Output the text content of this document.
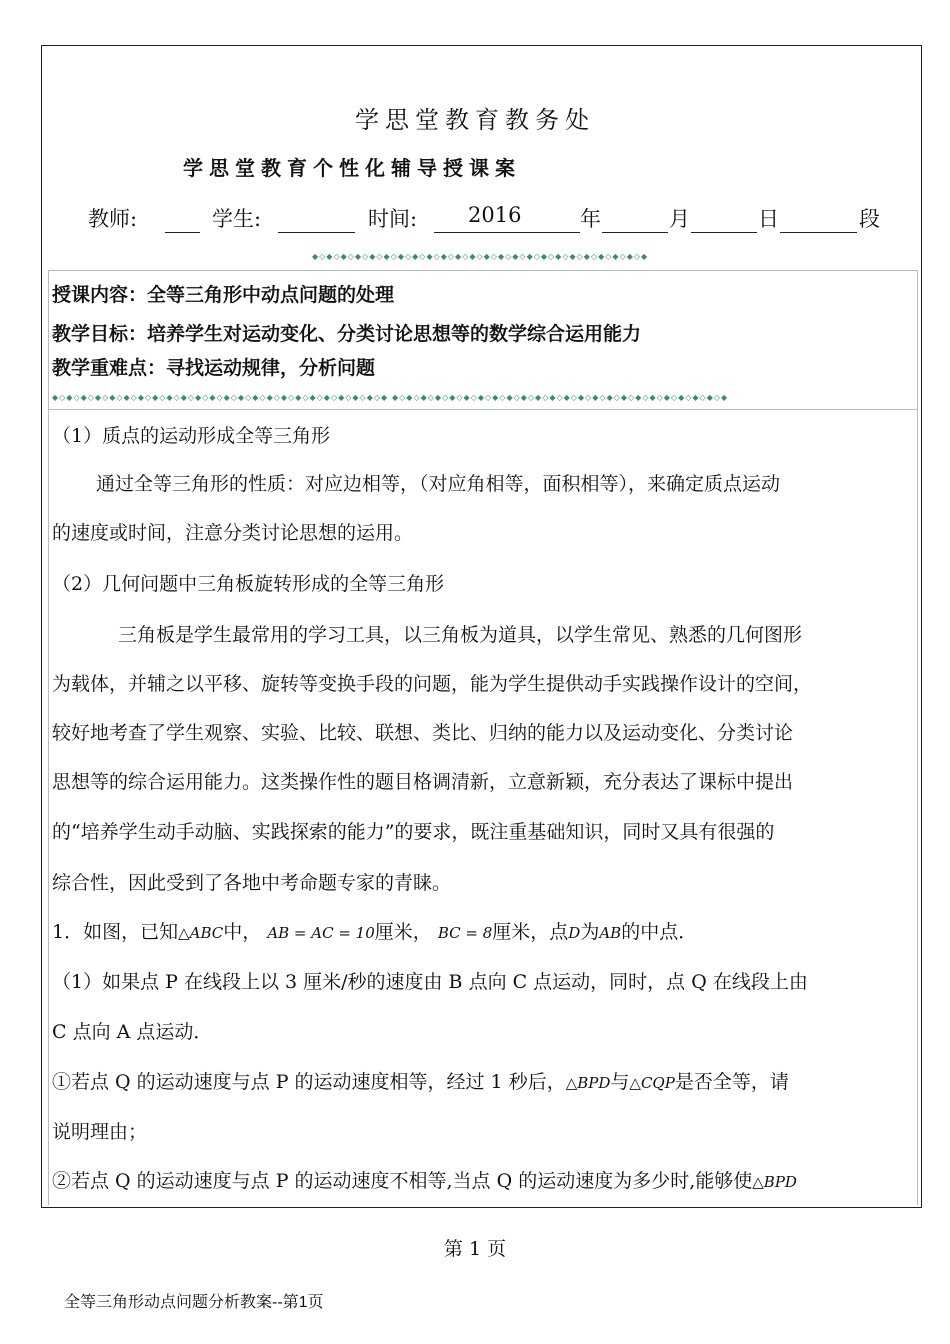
学思堂教育教务处
学思堂教育个性化辅导授课案
教师:	学生:	时间: 2016	年	月	日	段
◆◇◆◇◆◇◆◇◆◇◆◇◆◇◆◇◆◇◆◇◆◇◆◇◆◇◆◇◆◇◆◇◆◇◆◇◆◇◆◇◆◇◆◇◆◇◆
授课内容：全等三角形中动点问题的处理
教学目标：培养学生对运动变化、分类讨论思想等的数学综合运用能力
教学重难点：寻找运动规律，分析问题
◆◇◆◇◆◇◆◇◆◇◆◇◆◇◆◇◆◇◆◇◆◇◆◇◆◇◆◇◆◇◆◇◆◇◆◇◆◇◆◇◆◇◆◇◆◇◆ ◆◇◆◇◆◇◆◇◆◇◆◇◆◇◆◇◆◇◆◇◆◇◆◇◆◇◆◇◆◇◆◇◆◇◆◇◆◇◆◇◆◇◆◇◆◇◆
（1）质点的运动形成全等三角形
通过全等三角形的性质：对应边相等，（对应角相等，面积相等），来确定质点运动
的速度或时间，注意分类讨论思想的运用。
（2）几何问题中三角板旋转形成的全等三角形
三角板是学生最常用的学习工具，以三角板为道具，以学生常见、熟悉的几何图形
为载体，并辅之以平移、旋转等变换手段的问题，能为学生提供动手实践操作设计的空间，
较好地考查了学生观察、实验、比较、联想、类比、归纳的能力以及运动变化、分类讨论
思想等的综合运用能力。这类操作性的题目格调清新，立意新颖，充分表达了课标中提出
的“培养学生动手动脑、实践探索的能力”的要求，既注重基础知识，同时又具有很强的
综合性，因此受到了各地中考命题专家的青睐。
1．如图，已知△ABC中， AB = AC = 10厘米， BC = 8厘米，点D为AB的中点．
（1）如果点 P 在线段上以 3 厘米/秒的速度由 B 点向 C 点运动，同时，点 Q 在线段上由
C 点向 A 点运动．
①若点 Q 的运动速度与点 P 的运动速度相等，经过 1 秒后，△BPD与△CQP是否全等，请
说明理由；
②若点 Q 的运动速度与点 P 的运动速度不相等,当点 Q 的运动速度为多少时,能够使△BPD
第 1 页
全等三角形动点问题分析教案--第1页
